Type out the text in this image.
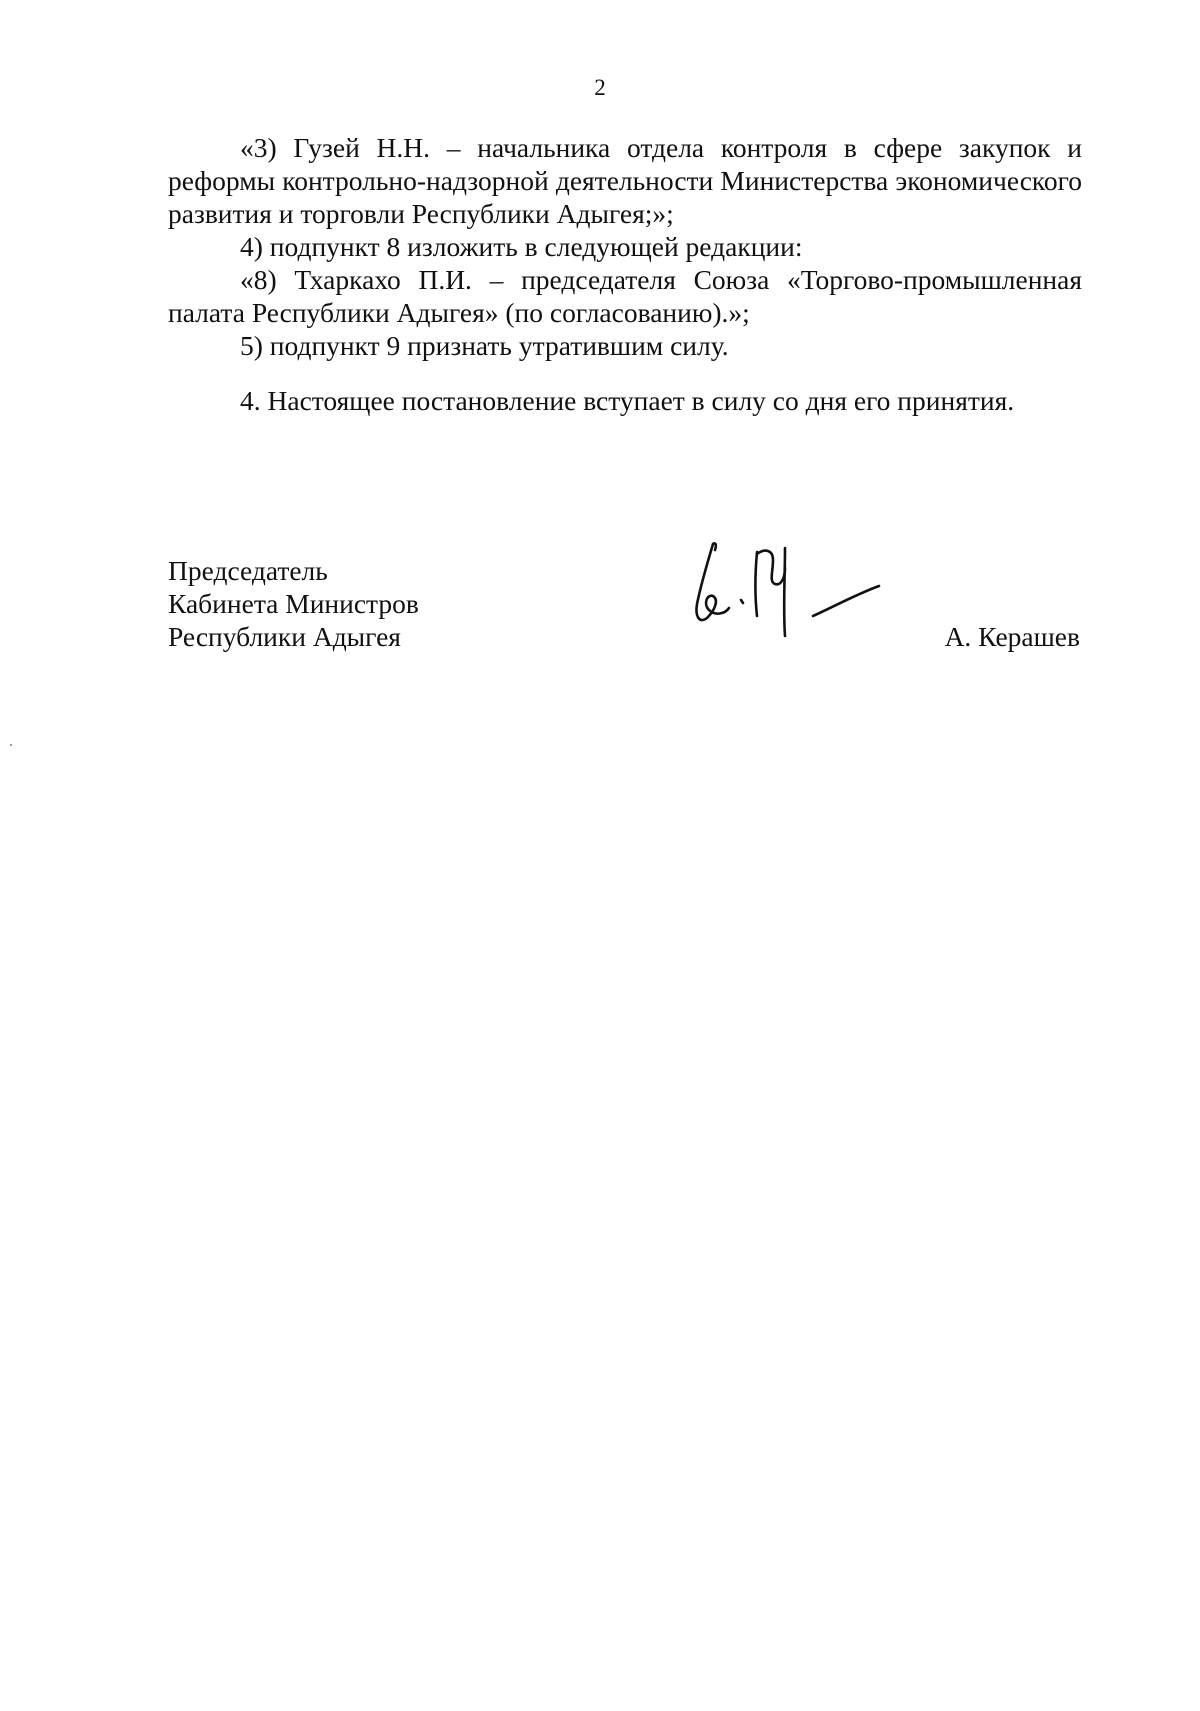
2

«3) Гузей Н.Н. – начальника отдела контроля в сфере закупок и реформы контрольно-надзорной деятельности Министерства экономического развития и торговли Республики Адыгея;»;

4) подпункт 8 изложить в следующей редакции:

«8) Тхаркахо П.И. – председателя Союза «Торгово-промышленная палата Республики Адыгея» (по согласованию).»;

5) подпункт 9 признать утратившим силу.

4. Настоящее постановление вступает в силу со дня его принятия.

Председатель
Кабинета Министров
Республики Адыгея	А. Керашев
